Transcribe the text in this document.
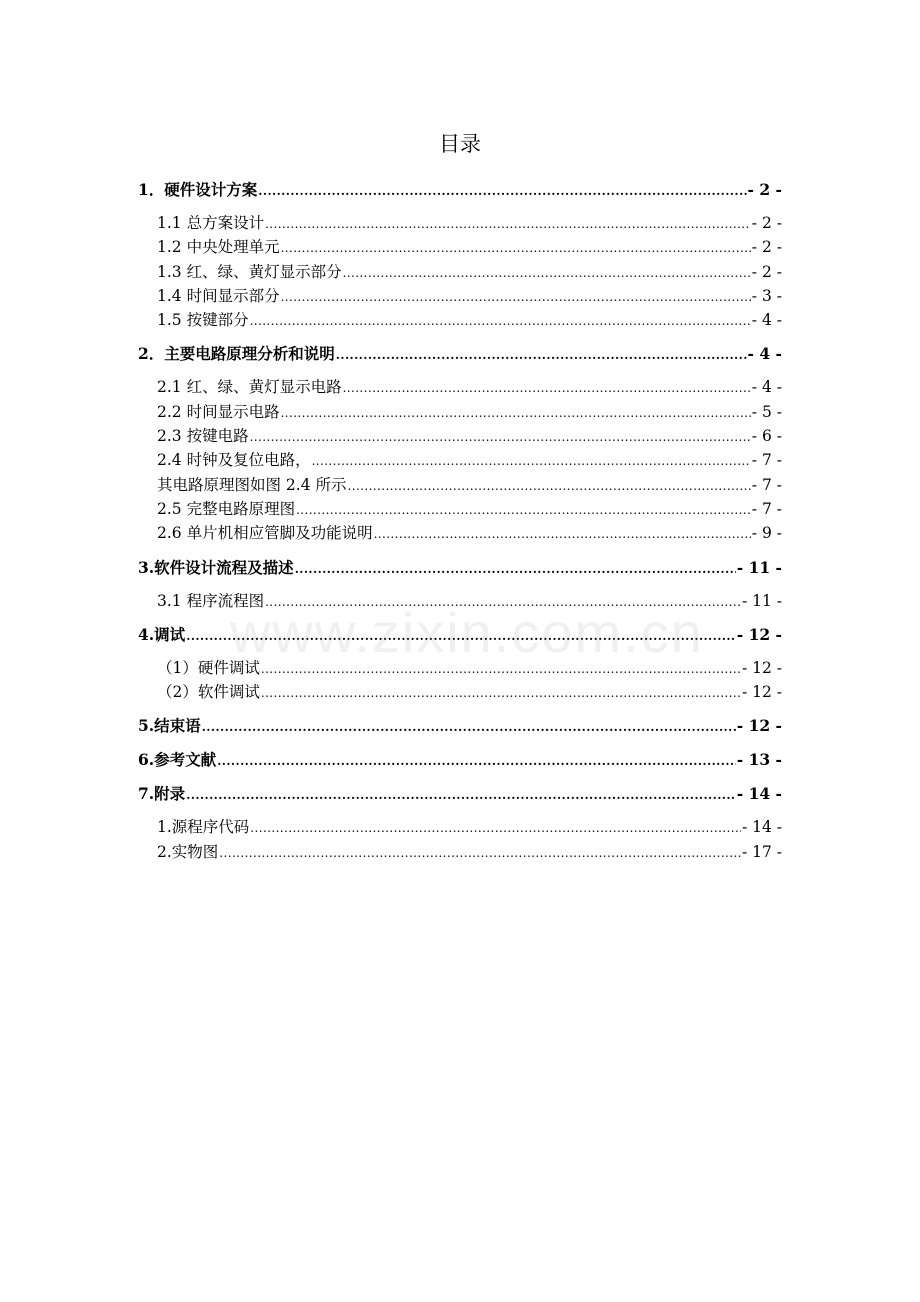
目录
1．硬件设计方案 .....	- 2 -
1.1 总方案设计 .....	- 2 -
1.2 中央处理单元 .....	- 2 -
1.3 红、绿、黄灯显示部分 .....	- 2 -
1.4 时间显示部分 .....	- 3 -
1.5 按键部分 .....	- 4 -
2．主要电路原理分析和说明 .....	- 4 -
2.1 红、绿、黄灯显示电路 .....	- 4 -
2.2 时间显示电路 .....	- 5 -
2.3 按键电路 .....	- 6 -
2.4 时钟及复位电路， .....	- 7 -
其电路原理图如图 2.4 所示 .....	- 7 -
2.5 完整电路原理图 .....	- 7 -
2.6 单片机相应管脚及功能说明 .....	- 9 -
3.软件设计流程及描述 .....	- 11 -
3.1 程序流程图 .....	- 11 -
4.调试 .....	- 12 -
（1）硬件调试 .....	- 12 -
（2）软件调试 .....	- 12 -
5.结束语 .....	- 12 -
6.参考文献 .....	- 13 -
7.附录 .....	- 14 -
1.源程序代码 .....	- 14 -
2.实物图 .....	- 17 -
www.zixin.com.cn
